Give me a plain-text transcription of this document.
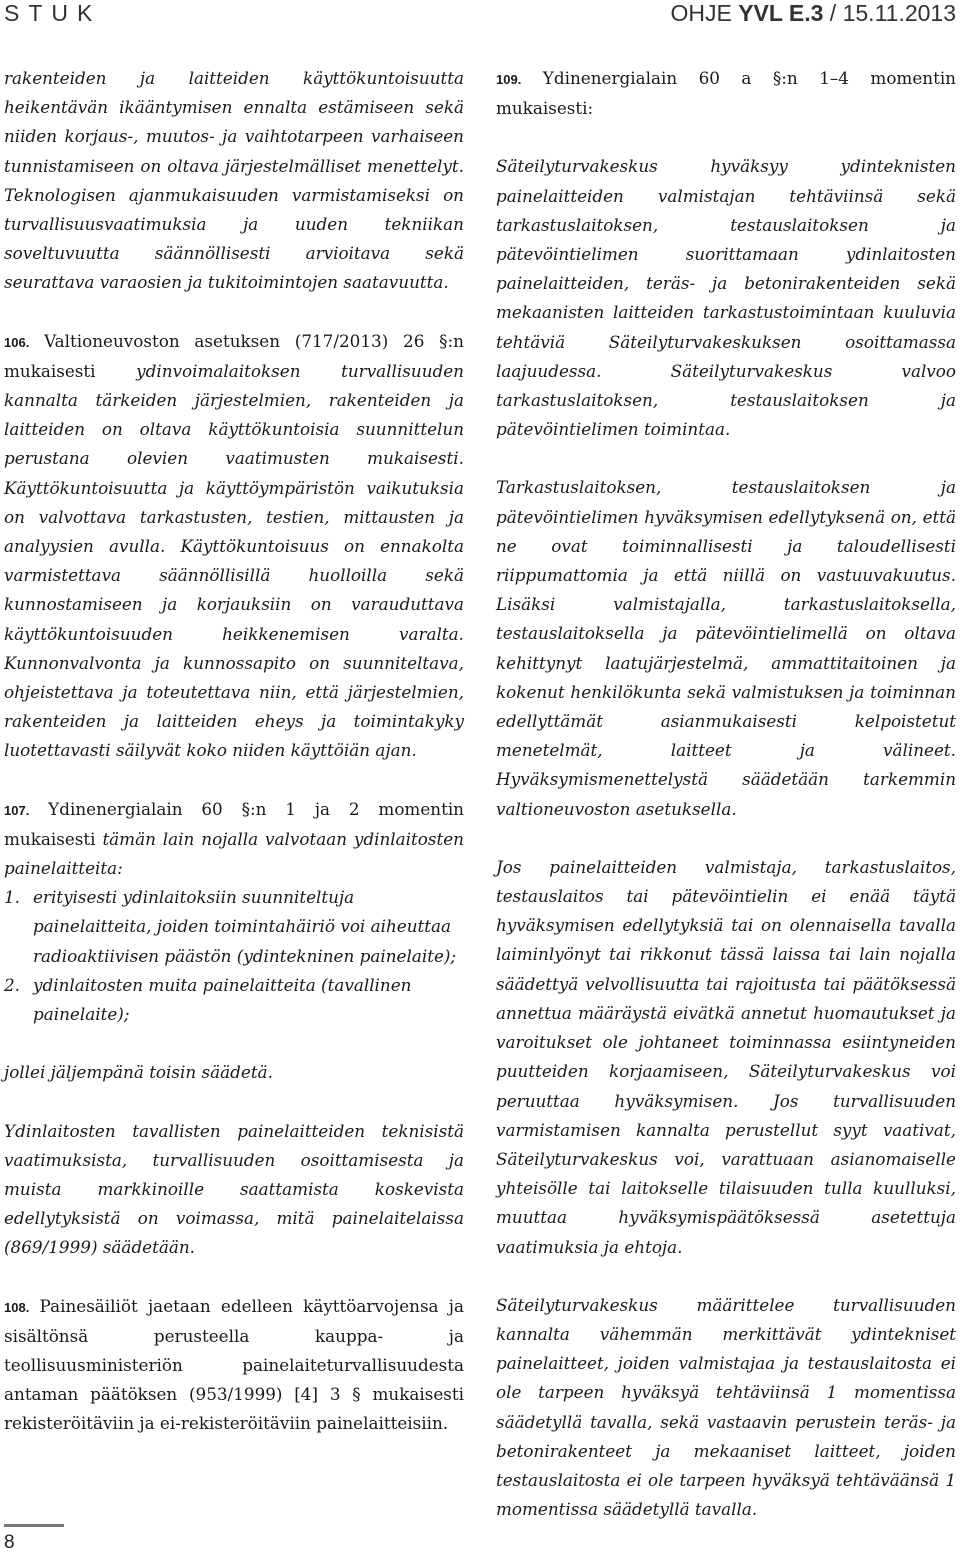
STUK	OHJE YVL E.3 / 15.11.2013

rakenteiden ja laitteiden käyttökuntoisuutta heikentävän ikääntymisen ennalta estämiseen sekä niiden korjaus-, muutos- ja vaihtotarpeen varhaiseen tunnistamiseen on oltava järjestelmälliset menettelyt. Teknologisen ajanmukaisuuden varmistamiseksi on turvallisuusvaatimuksia ja uuden tekniikan soveltuvuutta säännöllisesti arvioitava sekä seurattava varaosien ja tukitoimintojen saatavuutta.

106. Valtioneuvoston asetuksen (717/2013) 26 §:n mukaisesti ydinvoimalaitoksen turvallisuuden kannalta tärkeiden järjestelmien, rakenteiden ja laitteiden on oltava käyttökuntoisia suunnittelun perustana olevien vaatimusten mukaisesti. Käyttökuntoisuutta ja käyttöympäristön vaikutuksia on valvottava tarkastusten, testien, mittausten ja analyysien avulla. Käyttökuntoisuus on ennakolta varmistettava säännöllisillä huolloilla sekä kunnostamiseen ja korjauksiin on varauduttava käyttökuntoisuuden heikkenemisen varalta. Kunnonvalvonta ja kunnossapito on suunniteltava, ohjeistettava ja toteutettava niin, että järjestelmien, rakenteiden ja laitteiden eheys ja toimintakyky luotettavasti säilyvät koko niiden käyttöiän ajan.

107. Ydinenergialain 60 §:n 1 ja 2 momentin mukaisesti tämän lain nojalla valvotaan ydinlaitosten painelaitteita:

1. erityisesti ydinlaitoksiin suunniteltuja painelaitteita, joiden toimintahäiriö voi aiheuttaa radioaktiivisen päästön (ydintekninen painelaite);
2. ydinlaitosten muita painelaitteita (tavallinen painelaite);

jollei jäljempänä toisin säädetä.

Ydinlaitosten tavallisten painelaitteiden teknisistä vaatimuksista, turvallisuuden osoittamisesta ja muista markkinoille saattamista koskevista edellytyksistä on voimassa, mitä painelaitelaissa (869/1999) säädetään.

108. Painesäiliöt jaetaan edelleen käyttöarvojensa ja sisältönsä perusteella kauppa- ja teollisuusministeriön painelaiteturvallisuudesta antaman päätöksen (953/1999) [4] 3 § mukaisesti rekisteröitäviin ja ei-rekisteröitäviin painelaitteisiin.

109. Ydinenergialain 60 a §:n 1–4 momentin mukaisesti:

Säteilyturvakeskus hyväksyy ydinteknisten painelaitteiden valmistajan tehtäviinsä sekä tarkastuslaitoksen, testauslaitoksen ja pätevöintielimen suorittamaan ydinlaitosten painelaitteiden, teräs- ja betonirakenteiden sekä mekaanisten laitteiden tarkastustoimintaan kuuluvia tehtäviä Säteilyturvakeskuksen osoittamassa laajuudessa. Säteilyturvakeskus valvoo tarkastuslaitoksen, testauslaitoksen ja pätevöintielimen toimintaa.

Tarkastuslaitoksen, testauslaitoksen ja pätevöintielimen hyväksymisen edellytyksenä on, että ne ovat toiminnallisesti ja taloudellisesti riippumattomia ja että niillä on vastuuvakuutus. Lisäksi valmistajalla, tarkastuslaitoksella, testauslaitoksella ja pätevöintielimellä on oltava kehittynyt laatujärjestelmä, ammattitaitoinen ja kokenut henkilökunta sekä valmistuksen ja toiminnan edellyttämät asianmukaisesti kelpoistetut menetelmät, laitteet ja välineet. Hyväksymismenettelystä säädetään tarkemmin valtioneuvoston asetuksella.

Jos painelaitteiden valmistaja, tarkastuslaitos, testauslaitos tai pätevöintielin ei enää täytä hyväksymisen edellytyksiä tai on olennaisella tavalla laiminlyönyt tai rikkonut tässä laissa tai lain nojalla säädettyä velvollisuutta tai rajoitusta tai päätöksessä annettua määräystä eivätkä annetut huomautukset ja varoitukset ole johtaneet toiminnassa esiintyneiden puutteiden korjaamiseen, Säteilyturvakeskus voi peruuttaa hyväksymisen. Jos turvallisuuden varmistamisen kannalta perustellut syyt vaativat, Säteilyturvakeskus voi, varattuaan asianomaiselle yhteisölle tai laitokselle tilaisuuden tulla kuulluksi, muuttaa hyväksymispäätöksessä asetettuja vaatimuksia ja ehtoja.

Säteilyturvakeskus määrittelee turvallisuuden kannalta vähemmän merkittävät ydintekniset painelaitteet, joiden valmistajaa ja testauslaitosta ei ole tarpeen hyväksyä tehtäviinsä 1 momentissa säädetyllä tavalla, sekä vastaavin perustein teräs- ja betonirakenteet ja mekaaniset laitteet, joiden testauslaitosta ei ole tarpeen hyväksyä tehtäväänsä 1 momentissa säädetyllä tavalla.

8
